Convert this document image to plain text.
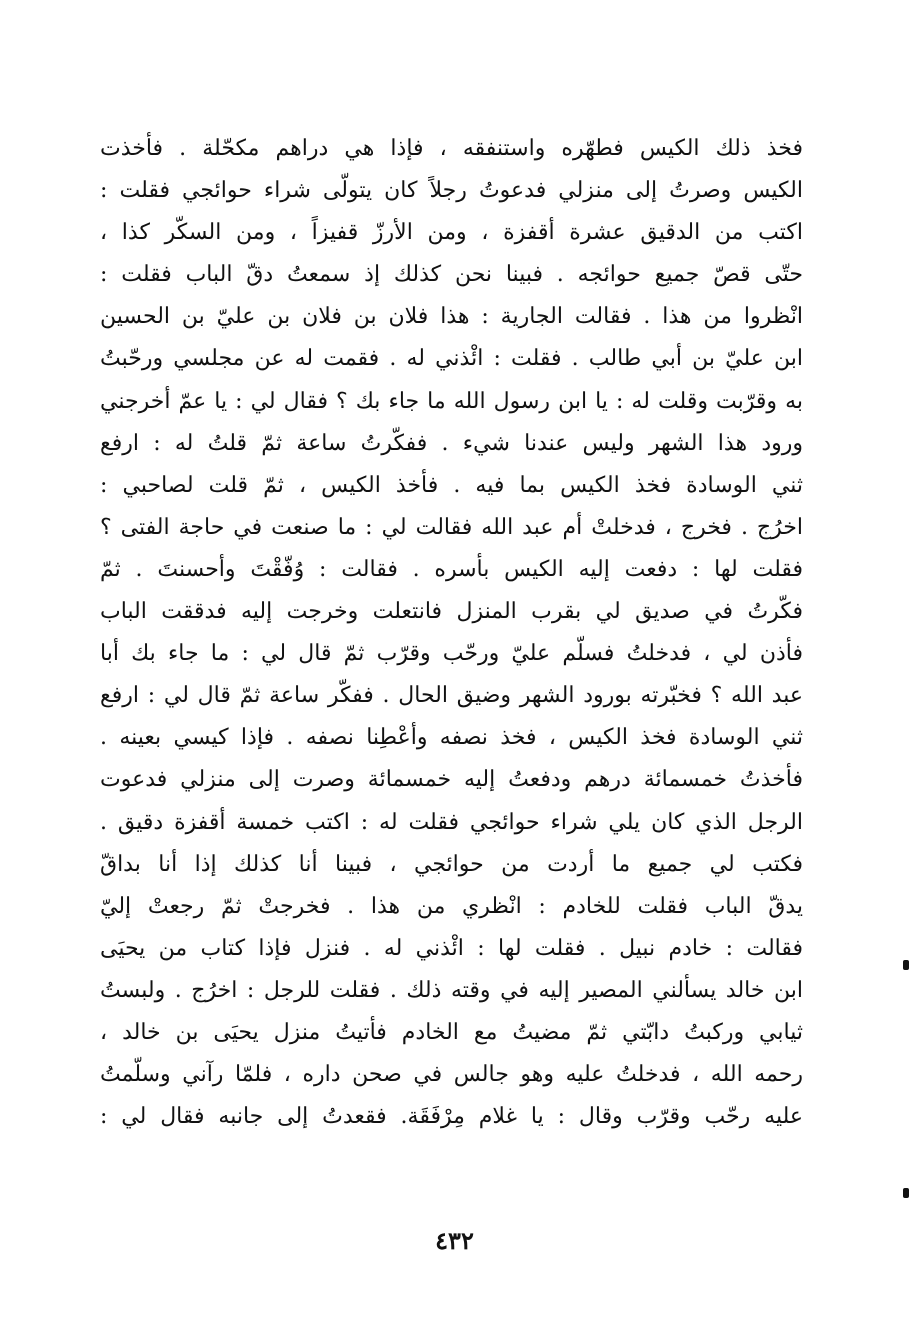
فخذ ذلك الكيس فطهّره واستنفقه ، فإذا هي دراهم مكحّلة . فأخذت
الكيس وصرتُ إلى منزلي فدعوتُ رجلاً كان يتولّى شراء حوائجي فقلت :
اكتب من الدقيق عشرة أقفزة ، ومن الأرزّ قفيزاً ، ومن السكّر كذا ،
حتّى قصّ جميع حوائجه . فبينا نحن كذلك إذ سمعتُ دقّ الباب فقلت :
انْظروا من هذا . فقالت الجارية : هذا فلان بن فلان بن عليّ بن الحسين
ابن عليّ بن أبي طالب . فقلت : ائْذني له . فقمت له عن مجلسي ورحّبتُ
به وقرّبت وقلت له : يا ابن رسول الله ما جاء بك ؟ فقال لي : يا عمّ أخرجني
ورود هذا الشهر وليس عندنا شيء . ففكّرتُ ساعة ثمّ قلتُ له : ارفع
ثني الوسادة فخذ الكيس بما فيه . فأخذ الكيس ، ثمّ قلت لصاحبي :
اخرُج . فخرج ، فدخلتْ أم عبد الله فقالت لي : ما صنعت في حاجة الفتى ؟
فقلت لها : دفعت إليه الكيس بأسره . فقالت : وُفّقْتَ وأحسنتَ . ثمّ
فكّرتُ في صديق لي بقرب المنزل فانتعلت وخرجت إليه فدققت الباب
فأذن لي ، فدخلتُ فسلّم عليّ ورحّب وقرّب ثمّ قال لي : ما جاء بك أبا
عبد الله ؟ فخبّرته بورود الشهر وضيق الحال . ففكّر ساعة ثمّ قال لي : ارفع
ثني الوسادة فخذ الكيس ، فخذ نصفه وأعْطِنا نصفه . فإذا كيسي بعينه .
فأخذتُ خمسمائة درهم ودفعتُ إليه خمسمائة وصرت إلى منزلي فدعوت
الرجل الذي كان يلي شراء حوائجي فقلت له : اكتب خمسة أقفزة دقيق .
فكتب لي جميع ما أردت من حوائجي ، فبينا أنا كذلك إذا أنا بداقّ
يدقّ الباب فقلت للخادم : انْظري من هذا . فخرجتْ ثمّ رجعتْ إليّ
فقالت : خادم نبيل . فقلت لها : ائْذني له . فنزل فإذا كتاب من يحيَى
ابن خالد يسألني المصير إليه في وقته ذلك . فقلت للرجل : اخرُج . ولبستُ
ثيابي وركبتُ دابّتي ثمّ مضيتُ مع الخادم فأتيتُ منزل يحيَى بن خالد ،
رحمه الله ، فدخلتُ عليه وهو جالس في صحن داره ، فلمّا رآني وسلّمتُ
عليه رحّب وقرّب وقال : يا غلام مِرْفَقَة. فقعدتُ إلى جانبه فقال لي :
٤٣٢
